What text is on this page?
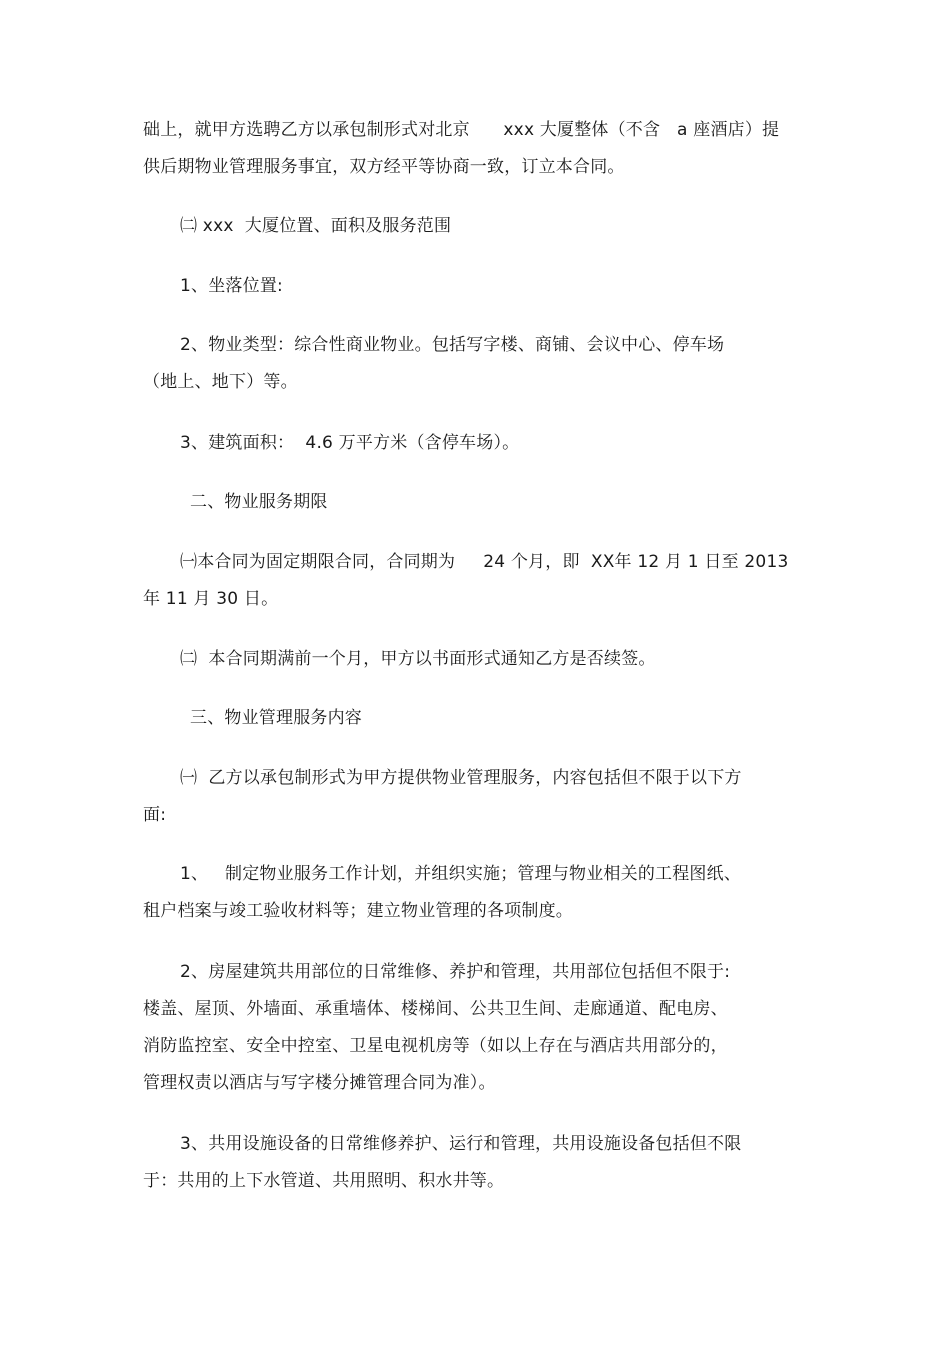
础上，就甲方选聘乙方以承包制形式对北京      xxx 大厦整体（不含   a 座酒店）提
供后期物业管理服务事宜，双方经平等协商一致，订立本合同。
㈡ xxx  大厦位置、面积及服务范围
1、坐落位置:
2、物业类型：综合性商业物业。包括写字楼、商铺、会议中心、停车场
（地上、地下）等。
3、建筑面积：  4.6 万平方米（含停车场）。
二、物业服务期限
㈠本合同为固定期限合同，合同期为     24 个月，即  XX年 12 月 1 日至 2013
年 11 月 30 日。
㈡  本合同期满前一个月，甲方以书面形式通知乙方是否续签。
三、物业管理服务内容
㈠  乙方以承包制形式为甲方提供物业管理服务，内容包括但不限于以下方
面:
1、   制定物业服务工作计划，并组织实施；管理与物业相关的工程图纸、
租户档案与竣工验收材料等；建立物业管理的各项制度。
2、房屋建筑共用部位的日常维修、养护和管理，共用部位包括但不限于:
楼盖、屋顶、外墙面、承重墙体、楼梯间、公共卫生间、走廊通道、配电房、
消防监控室、安全中控室、卫星电视机房等（如以上存在与酒店共用部分的，
管理权责以酒店与写字楼分摊管理合同为准）。
3、共用设施设备的日常维修养护、运行和管理，共用设施设备包括但不限
于：共用的上下水管道、共用照明、积水井等。
